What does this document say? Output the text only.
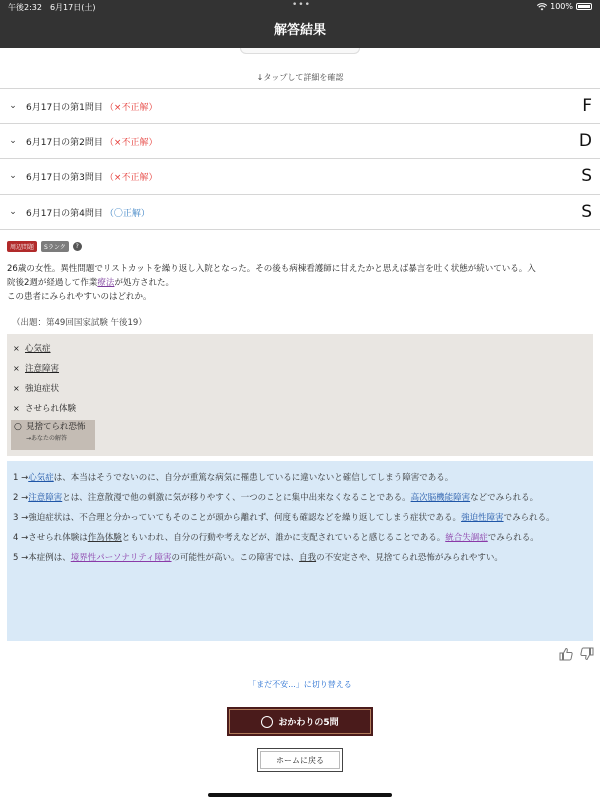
午後2:32　6月17日(土)	•••	100%
解答結果
↓タップして詳細を確認
⌄	6月17日の第1問目 （×不正解）	F
⌄	6月17日の第2問目 （×不正解）	D
⌄	6月17日の第3問目 （×不正解）	S
⌄	6月17日の第4問目 （〇正解）	S
周辺問題	Sランク	?
26歳の女性。異性問題でリストカットを繰り返し入院となった。その後も病棟看護師に甘えたかと思えば暴言を吐く状態が続いている。入
院後2週が経過して作業療法が処方された。
この患者にみられやすいのはどれか。
（出題：第49回国家試験 午後19）
× 心気症
× 注意障害
× 強迫症状
× させられ体験
○ 見捨てられ恐怖
→あなたの解答

1 →心気症は、本当はそうでないのに、自分が重篤な病気に罹患しているに違いないと確信してしまう障害である。

2 →注意障害とは、注意散漫で他の刺激に気が移りやすく、一つのことに集中出来なくなることである。高次脳機能障害などでみられる。

3 →強迫症状は、不合理と分かっていてもそのことが頭から離れず、何度も確認などを繰り返してしまう症状である。強迫性障害でみられる。

4 →させられ体験は作為体験ともいわれ、自分の行動や考えなどが、誰かに支配されていると感じることである。統合失調症でみられる。

5 →本症例は、境界性パーソナリティ障害の可能性が高い。この障害では、自我の不安定さや、見捨てられ恐怖がみられやすい。

「まだ不安...」に切り替える
おかわりの5問
ホームに戻る
